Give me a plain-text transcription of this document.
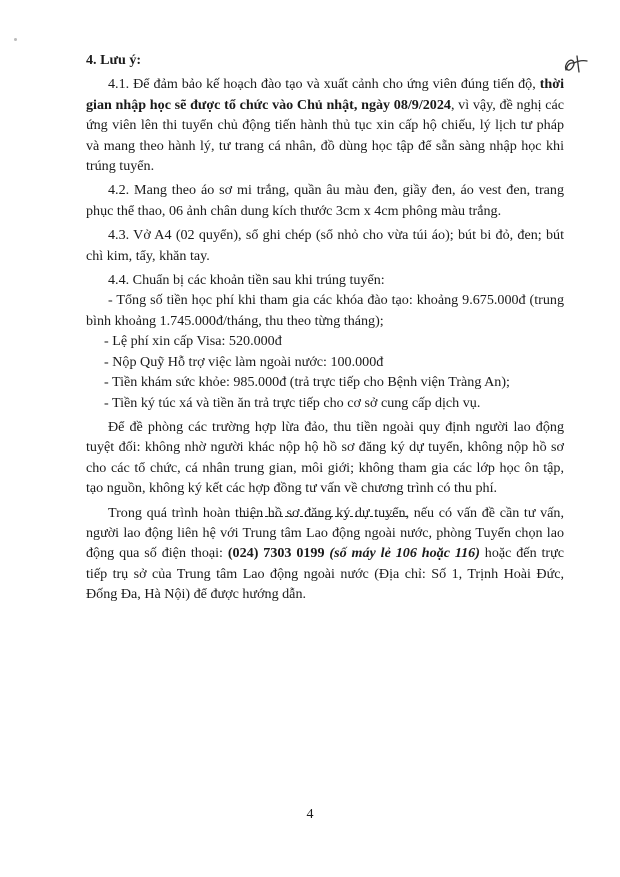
4. Lưu ý:

4.1. Để đảm bảo kế hoạch đào tạo và xuất cảnh cho ứng viên đúng tiến độ, thời gian nhập học sẽ được tổ chức vào Chủ nhật, ngày 08/9/2024, vì vậy, đề nghị các ứng viên lên thi tuyển chủ động tiến hành thủ tục xin cấp hộ chiếu, lý lịch tư pháp và mang theo hành lý, tư trang cá nhân, đồ dùng học tập để sẵn sàng nhập học khi trúng tuyển.

4.2. Mang theo áo sơ mi trắng, quần âu màu đen, giầy đen, áo vest đen, trang phục thể thao, 06 ảnh chân dung kích thước 3cm x 4cm phông màu trắng.

4.3. Vở A4 (02 quyển), sổ ghi chép (sổ nhỏ cho vừa túi áo); bút bi đỏ, đen; bút chì kim, tẩy, khăn tay.

4.4. Chuẩn bị các khoản tiền sau khi trúng tuyển:

- Tổng số tiền học phí khi tham gia các khóa đào tạo: khoảng 9.675.000đ (trung bình khoảng 1.745.000đ/tháng, thu theo từng tháng);

- Lệ phí xin cấp Visa: 520.000đ

- Nộp Quỹ Hỗ trợ việc làm ngoài nước: 100.000đ

- Tiền khám sức khỏe: 985.000đ (trả trực tiếp cho Bệnh viện Tràng An);

- Tiền ký túc xá và tiền ăn trả trực tiếp cho cơ sở cung cấp dịch vụ.

Để đề phòng các trường hợp lừa đảo, thu tiền ngoài quy định người lao động tuyệt đối: không nhờ người khác nộp hộ hồ sơ đăng ký dự tuyển, không nộp hồ sơ cho các tổ chức, cá nhân trung gian, môi giới; không tham gia các lớp học ôn tập, tạo nguồn, không ký kết các hợp đồng tư vấn về chương trình có thu phí.

Trong quá trình hoàn thiện hồ sơ đăng ký dự tuyển, nếu có vấn đề cần tư vấn, người lao động liên hệ với Trung tâm Lao động ngoài nước, phòng Tuyển chọn lao động qua số điện thoại: (024) 7303 0199 (số máy lẻ 106 hoặc 116) hoặc đến trực tiếp trụ sở của Trung tâm Lao động ngoài nước (Địa chỉ: Số 1, Trịnh Hoài Đức, Đống Đa, Hà Nội) để được hướng dẫn.

4
